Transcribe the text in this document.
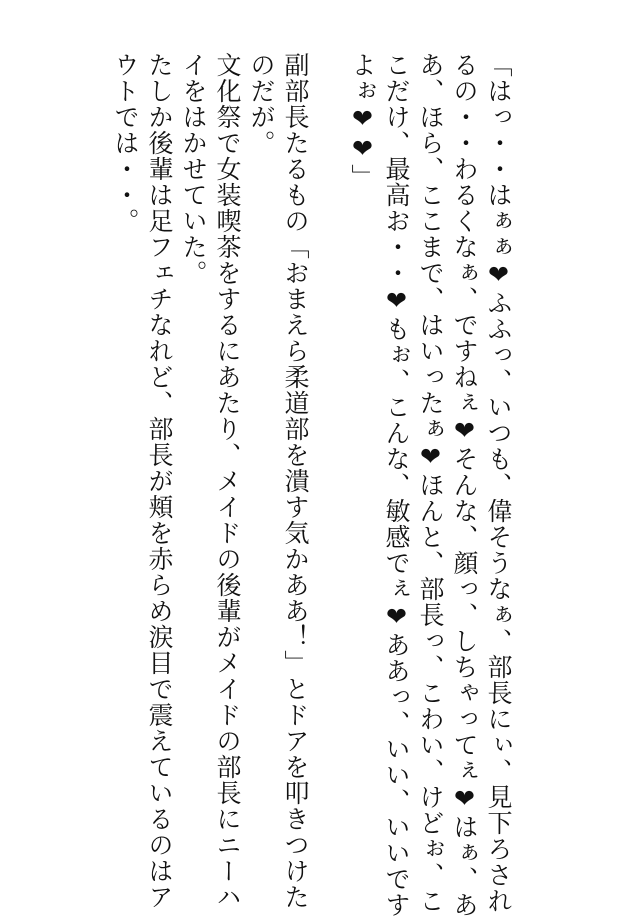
「はっ・・はぁぁ❤ふふっ、いつも、偉そうなぁ、部長にぃ、見下ろされ
るの・・わるくなぁ、ですねぇ❤そんな、顔っ、しちゃってぇ❤はぁ、あ
あ、ほら、ここまで、はいったぁ❤ほんと、部長っ、こわい、けどぉ、こ
こだけ、最高お・・❤もぉ、こんな、敏感でぇ❤ああっ、いい、いいです
よぉ❤❤」
副部長たるもの「おまえら柔道部を潰す気かああ！」とドアを叩きつけた
のだが。
文化祭で女装喫茶をするにあたり、メイドの後輩がメイドの部長にニーハ
イをはかせていた。
たしか後輩は足フェチなれど、部長が頬を赤らめ涙目で震えているのはア
ウトでは・・。
